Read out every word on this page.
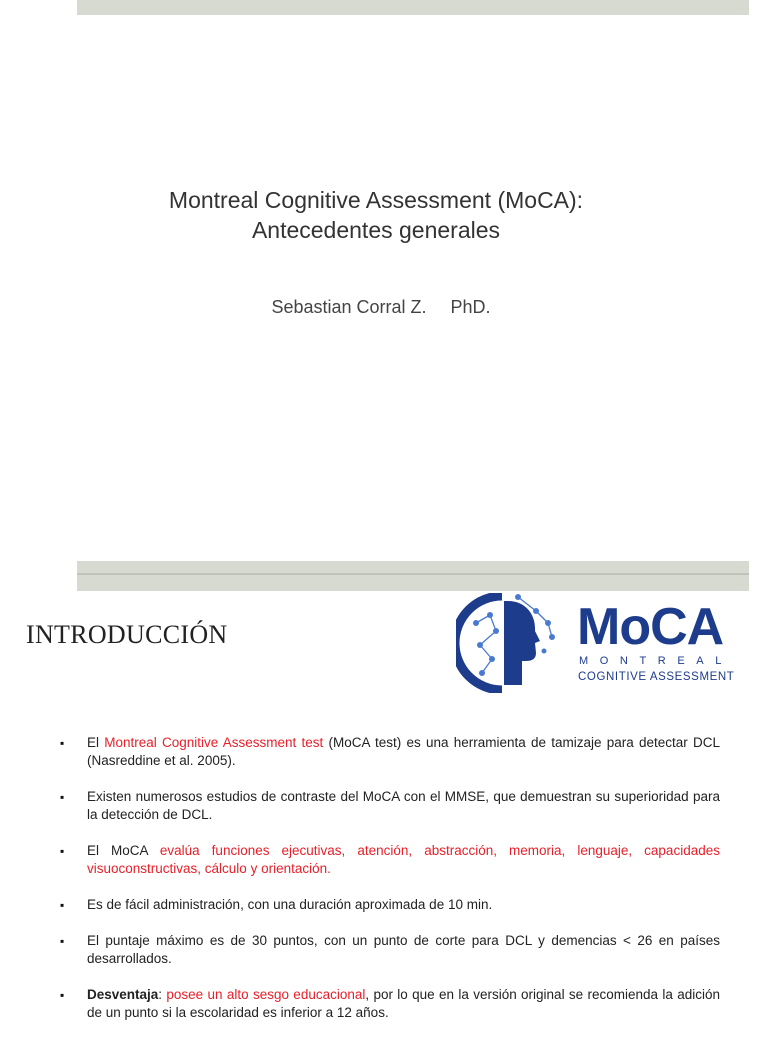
Montreal Cognitive Assessment (MoCA):
Antecedentes generales
Sebastian Corral Z. PhD.
INTRODUCCIÓN	MoCA
MONTREAL
COGNITIVE ASSESSMENT
▪ El Montreal Cognitive Assessment test (MoCA test) es una herramienta de tamizaje para detectar DCL (Nasreddine et al. 2005).
▪ Existen numerosos estudios de contraste del MoCA con el MMSE, que demuestran su superioridad para la detección de DCL.
▪ El MoCA evalúa funciones ejecutivas, atención, abstracción, memoria, lenguaje, capacidades visuoconstructivas, cálculo y orientación.
▪ Es de fácil administración, con una duración aproximada de 10 min.
▪ El puntaje máximo es de 30 puntos, con un punto de corte para DCL y demencias < 26 en países desarrollados.
▪ Desventaja: posee un alto sesgo educacional, por lo que en la versión original se recomienda la adición de un punto si la escolaridad es inferior a 12 años.
